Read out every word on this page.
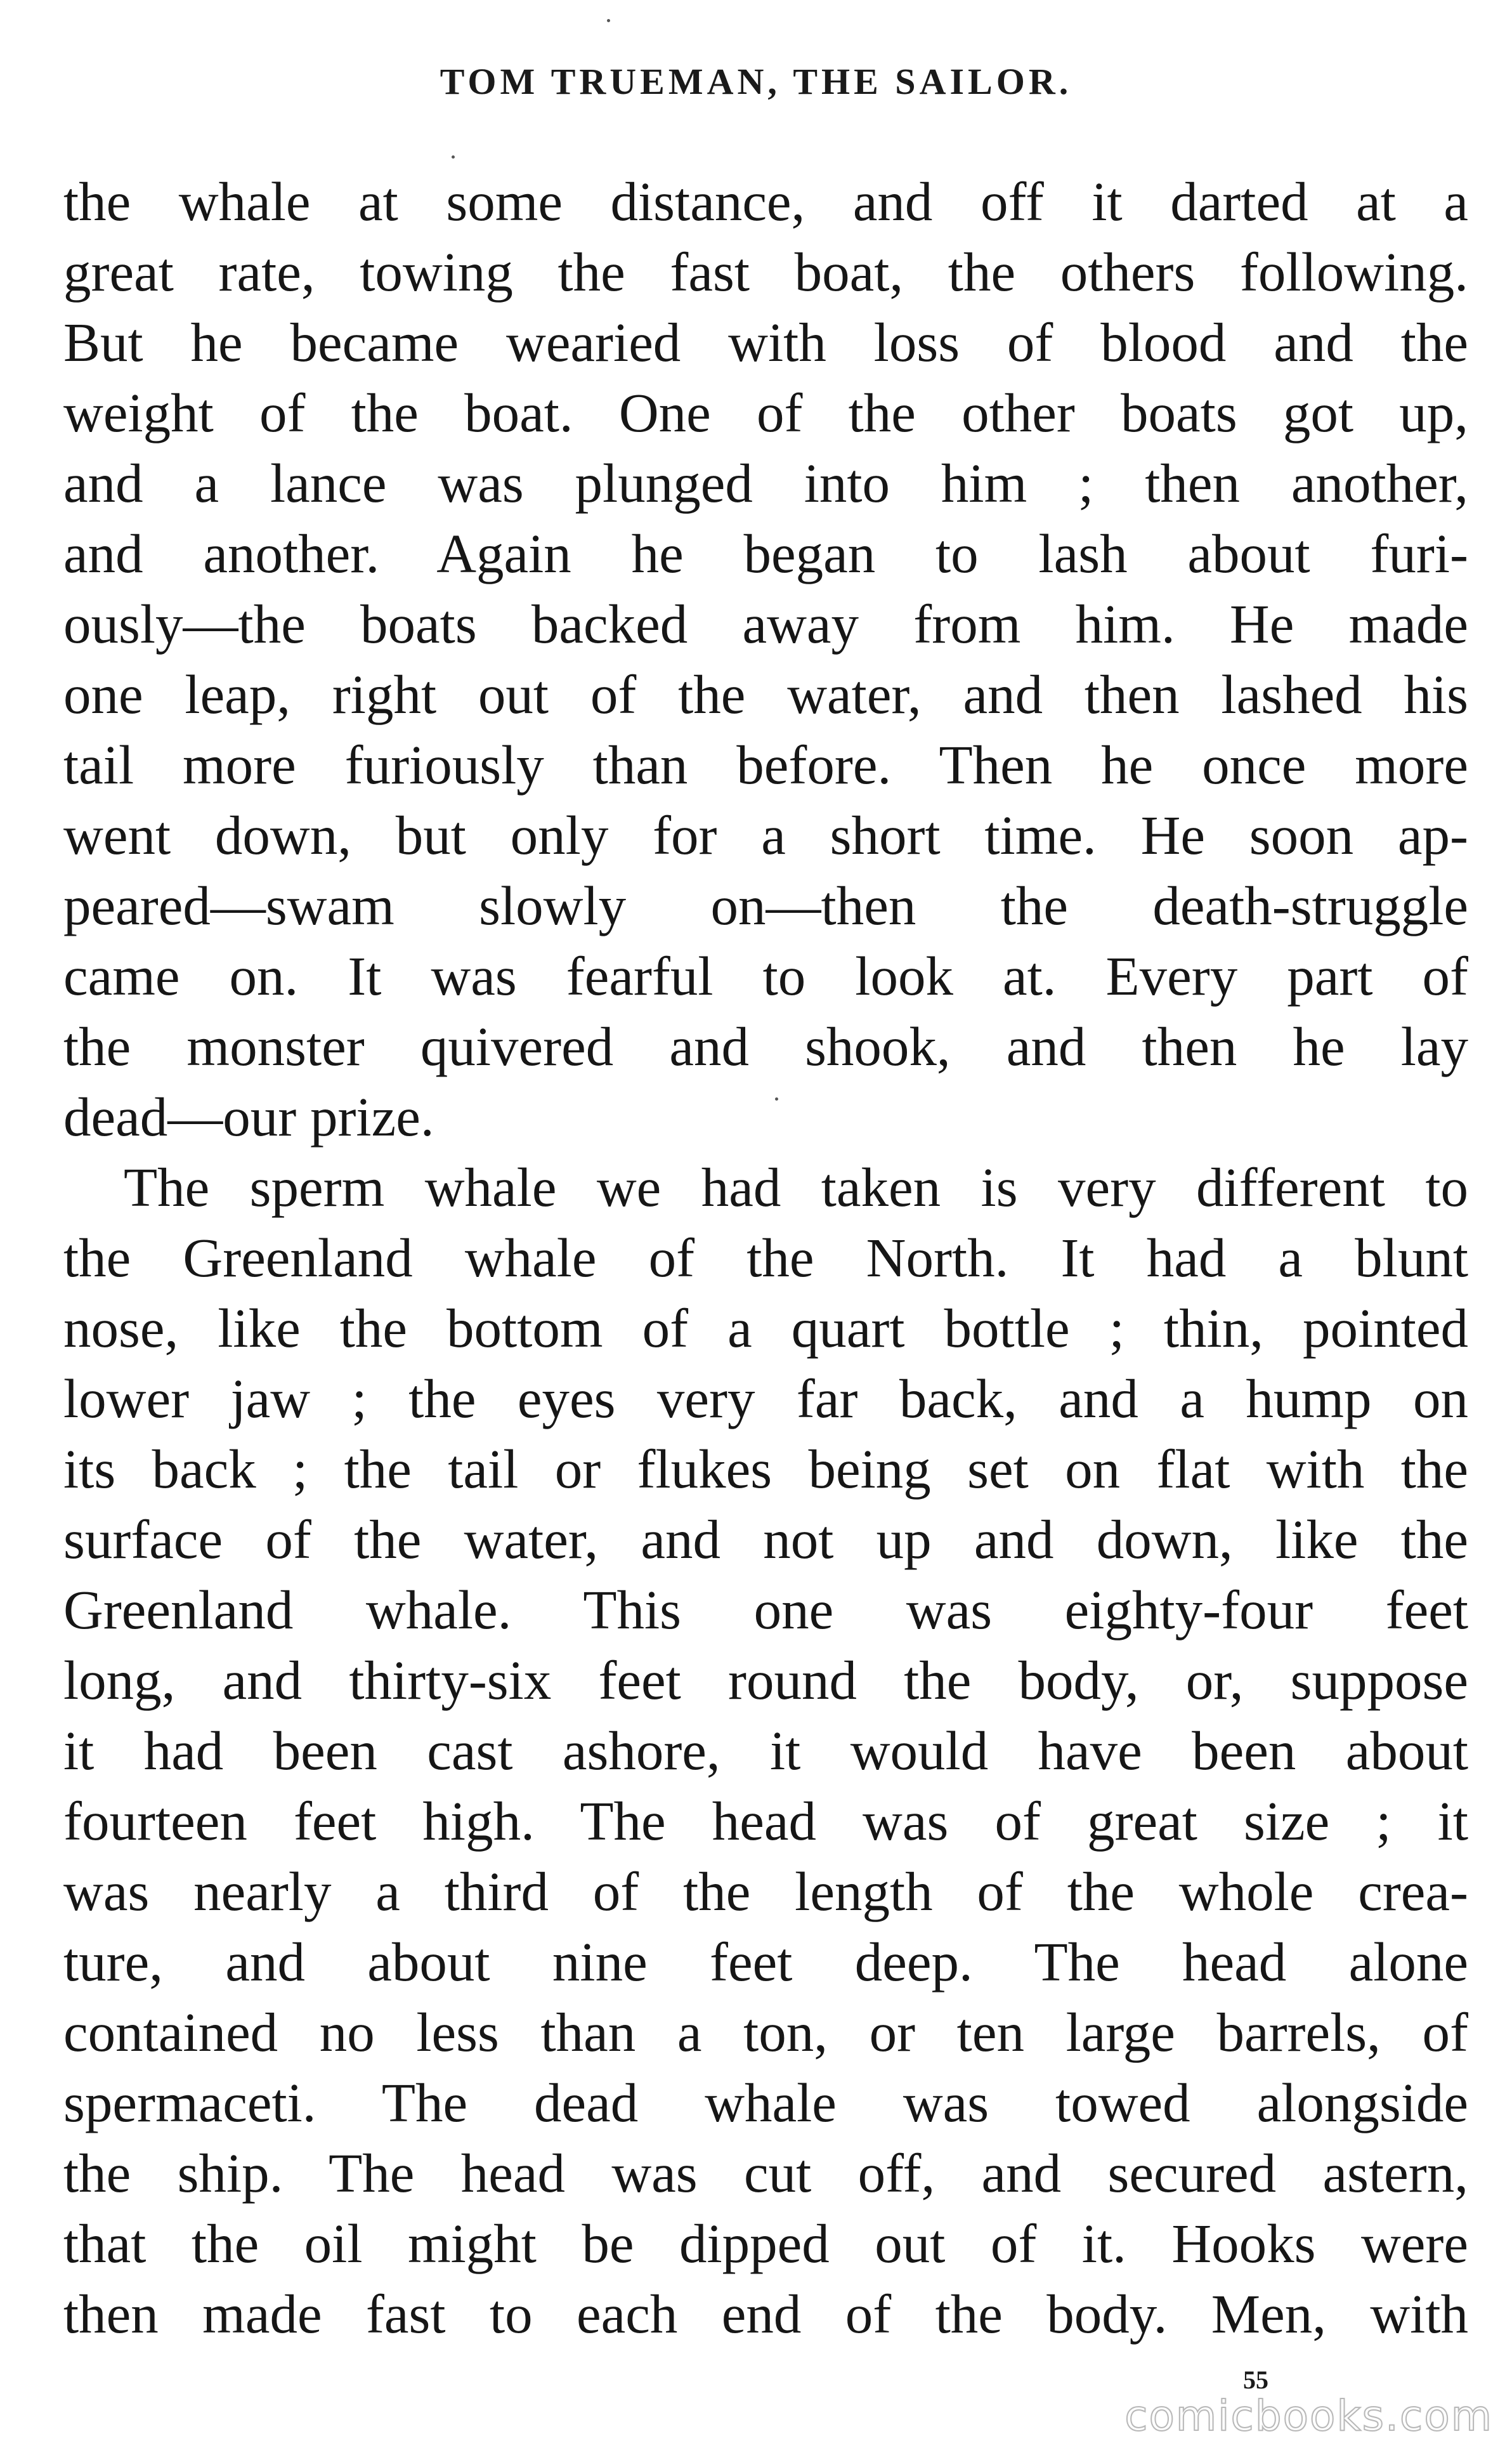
TOM TRUEMAN, THE SAILOR.
the whale at some distance, and off it darted at a
great rate, towing the fast boat, the others following.
But he became wearied with loss of blood and the
weight of the boat. One of the other boats got up,
and a lance was plunged into him ; then another,
and another. Again he began to lash about furi-
ously—the boats backed away from him. He made
one leap, right out of the water, and then lashed his
tail more furiously than before. Then he once more
went down, but only for a short time. He soon ap-
peared—swam slowly on—then the death-struggle
came on. It was fearful to look at. Every part of
the monster quivered and shook, and then he lay
dead—our prize.
The sperm whale we had taken is very different to
the Greenland whale of the North. It had a blunt
nose, like the bottom of a quart bottle ; thin, pointed
lower jaw ; the eyes very far back, and a hump on
its back ; the tail or flukes being set on flat with the
surface of the water, and not up and down, like the
Greenland whale. This one was eighty-four feet
long, and thirty-six feet round the body, or, suppose
it had been cast ashore, it would have been about
fourteen feet high. The head was of great size ; it
was nearly a third of the length of the whole crea-
ture, and about nine feet deep. The head alone
contained no less than a ton, or ten large barrels, of
spermaceti. The dead whale was towed alongside
the ship. The head was cut off, and secured astern,
that the oil might be dipped out of it. Hooks were
then made fast to each end of the body. Men, with
55
comicbooks.com
